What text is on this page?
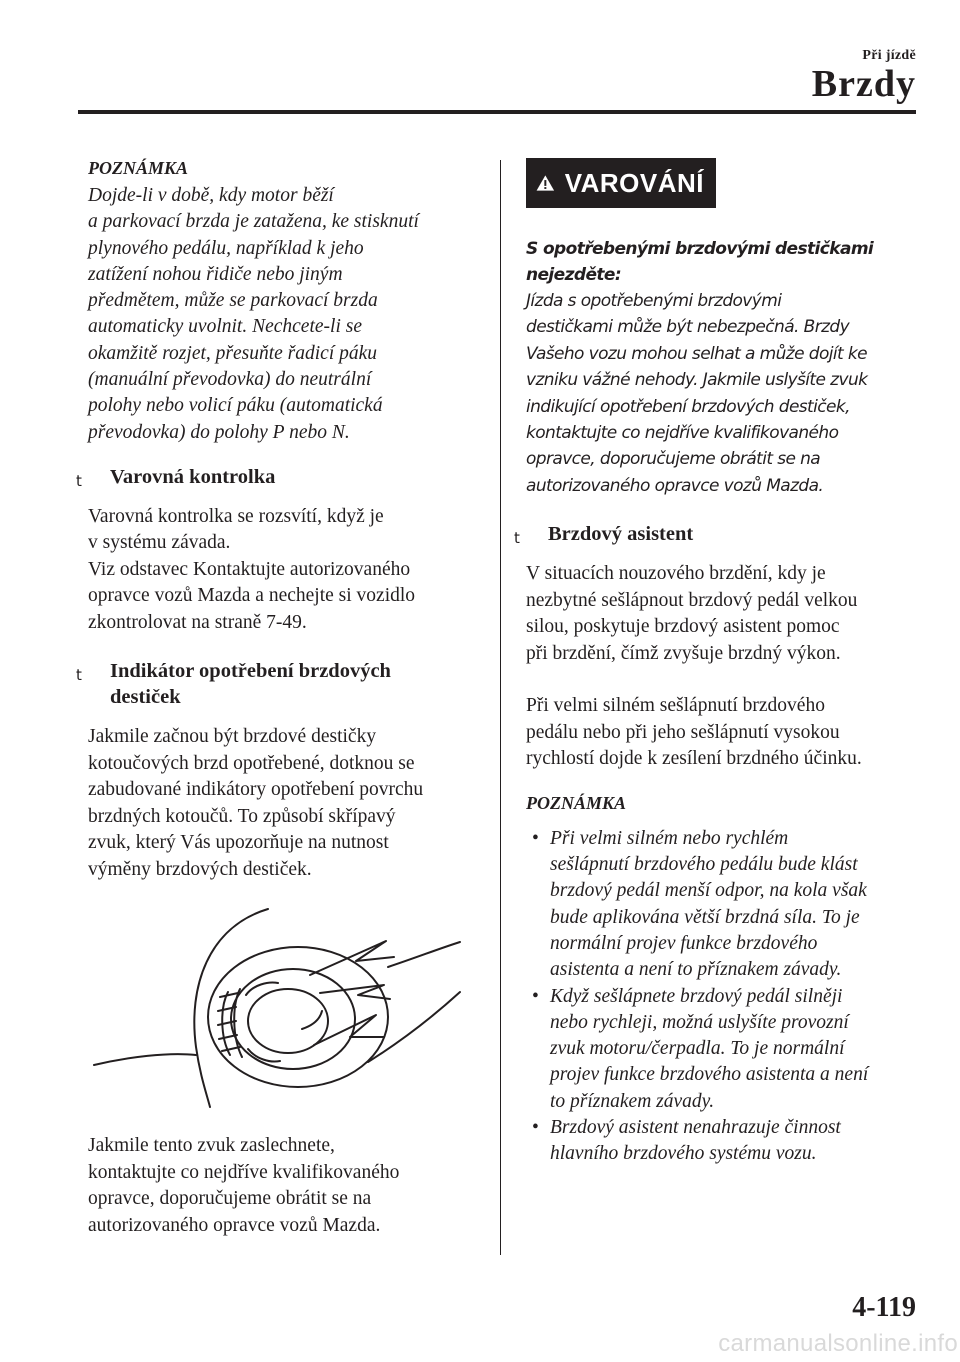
Při jízdě
Brzdy

POZNÁMKA

Dojde-li v době, kdy motor běží
a parkovací brzda je zatažena, ke stisknutí
plynového pedálu, například k jeho
zatížení nohou řidiče nebo jiným
předmětem, může se parkovací brzda
automaticky uvolnit. Nechcete-li se
okamžitě rozjet, přesuňte řadicí páku
(manuální převodovka) do neutrální
polohy nebo volicí páku (automatická
převodovka) do polohy P nebo N.

t Varovná kontrolka

Varovná kontrolka se rozsvítí, když je
v systému závada.
Viz odstavec Kontaktujte autorizovaného
opravce vozů Mazda a nechejte si vozidlo
zkontrolovat na straně 7-49.

t Indikátor opotřebení brzdových
destiček

Jakmile začnou být brzdové destičky
kotoučových brzd opotřebené, dotknou se
zabudované indikátory opotřebení povrchu
brzdných kotoučů. To způsobí skřípavý
zvuk, který Vás upozorňuje na nutnost
výměny brzdových destiček.

Jakmile tento zvuk zaslechnete,
kontaktujte co nejdříve kvalifikovaného
opravce, doporučujeme obrátit se na
autorizovaného opravce vozů Mazda.

VAROVÁNÍ

S opotřebenými brzdovými destičkami
nejezděte:

Jízda s opotřebenými brzdovými
destičkami může být nebezpečná. Brzdy
Vašeho vozu mohou selhat a může dojít ke
vzniku vážné nehody. Jakmile uslyšíte zvuk
indikující opotřebení brzdových destiček,
kontaktujte co nejdříve kvalifikovaného
opravce, doporučujeme obrátit se na
autorizovaného opravce vozů Mazda.

t Brzdový asistent

V situacích nouzového brzdění, kdy je
nezbytné sešlápnout brzdový pedál velkou
silou, poskytuje brzdový asistent pomoc
při brzdění, čímž zvyšuje brzdný výkon.

Při velmi silném sešlápnutí brzdového
pedálu nebo při jeho sešlápnutí vysokou
rychlostí dojde k zesílení brzdného účinku.

POZNÁMKA

• Při velmi silném nebo rychlém
sešlápnutí brzdového pedálu bude klást
brzdový pedál menší odpor, na kola však
bude aplikována větší brzdná síla. To je
normální projev funkce brzdového
asistenta a není to příznakem závady.
• Když sešlápnete brzdový pedál silněji
nebo rychleji, možná uslyšíte provozní
zvuk motoru/čerpadla. To je normální
projev funkce brzdového asistenta a není
to příznakem závady.
• Brzdový asistent nenahrazuje činnost
hlavního brzdového systému vozu.
4-119
carmanualsonline.info
